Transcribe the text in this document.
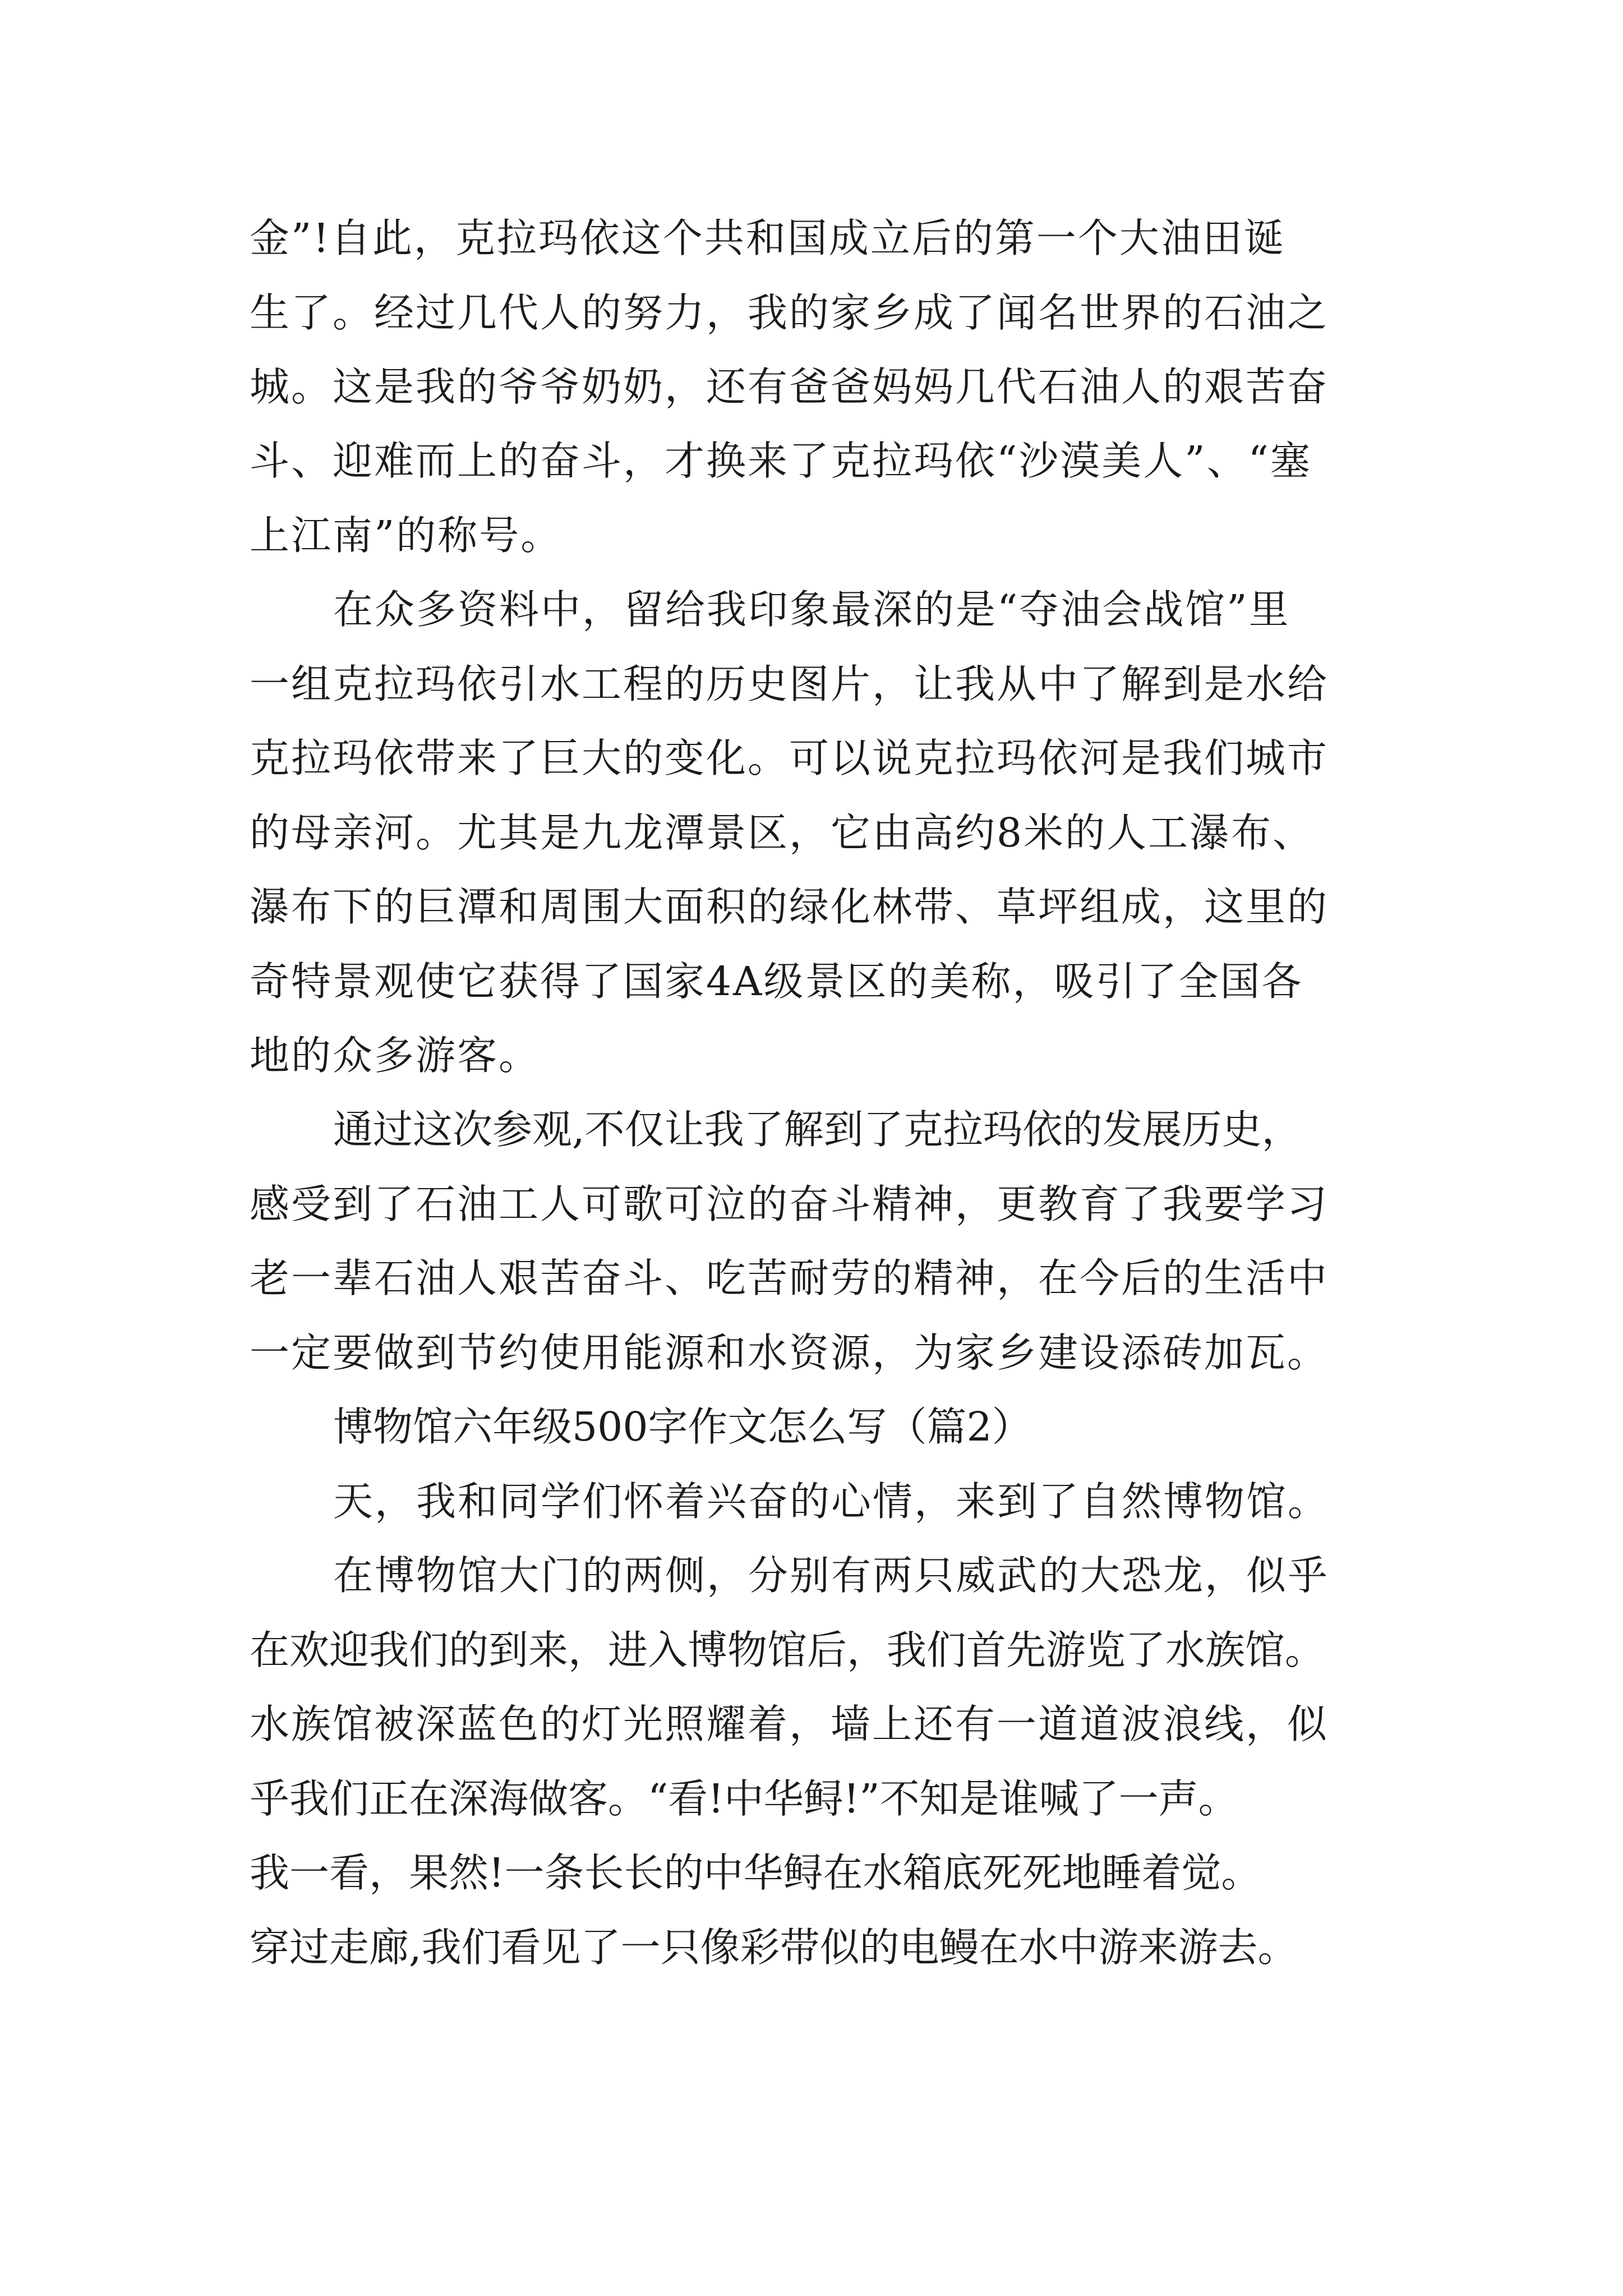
金”!自此，克拉玛依这个共和国成立后的第一个大油田诞
生了。经过几代人的努力，我的家乡成了闻名世界的石油之
城。这是我的爷爷奶奶，还有爸爸妈妈几代石油人的艰苦奋
斗、迎难而上的奋斗，才换来了克拉玛依“沙漠美人”、“塞
上江南”的称号。
在众多资料中，留给我印象最深的是“夺油会战馆”里
一组克拉玛依引水工程的历史图片，让我从中了解到是水给
克拉玛依带来了巨大的变化。可以说克拉玛依河是我们城市
的母亲河。尤其是九龙潭景区，它由高约8米的人工瀑布、
瀑布下的巨潭和周围大面积的绿化林带、草坪组成，这里的
奇特景观使它获得了国家4A级景区的美称，吸引了全国各
地的众多游客。
通过这次参观,不仅让我了解到了克拉玛依的发展历史，
感受到了石油工人可歌可泣的奋斗精神，更教育了我要学习
老一辈石油人艰苦奋斗、吃苦耐劳的精神，在今后的生活中
一定要做到节约使用能源和水资源，为家乡建设添砖加瓦。
博物馆六年级500字作文怎么写（篇2）
天，我和同学们怀着兴奋的心情，来到了自然博物馆。
在博物馆大门的两侧，分别有两只威武的大恐龙，似乎
在欢迎我们的到来，进入博物馆后，我们首先游览了水族馆。
水族馆被深蓝色的灯光照耀着，墙上还有一道道波浪线，似
乎我们正在深海做客。“看!中华鲟!”不知是谁喊了一声。
我一看，果然!一条长长的中华鲟在水箱底死死地睡着觉。
穿过走廊,我们看见了一只像彩带似的电鳗在水中游来游去。
